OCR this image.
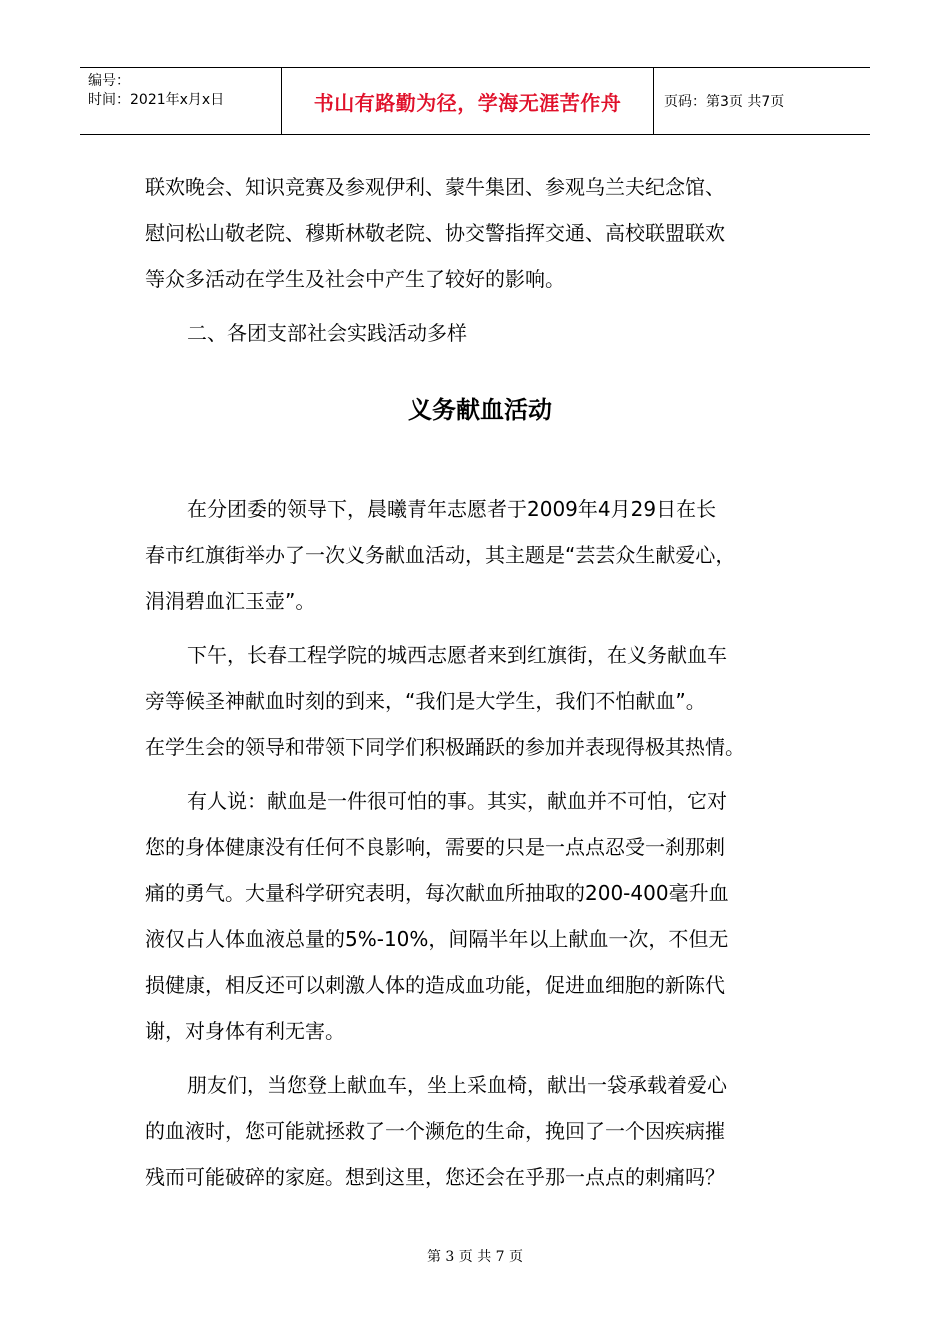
编号：
时间：2021年x月x日	书山有路勤为径，学海无涯苦作舟	页码：第3页 共7页
联欢晚会、知识竞赛及参观伊利、蒙牛集团、参观乌兰夫纪念馆、
慰问松山敬老院、穆斯林敬老院、协交警指挥交通、高校联盟联欢
等众多活动在学生及社会中产生了较好的影响。
二、各团支部社会实践活动多样
义务献血活动
在分团委的领导下，晨曦青年志愿者于2009年4月29日在长
春市红旗街举办了一次义务献血活动，其主题是“芸芸众生献爱心，
涓涓碧血汇玉壶”。
下午，长春工程学院的城西志愿者来到红旗街，在义务献血车
旁等候圣神献血时刻的到来，“我们是大学生，我们不怕献血”。
在学生会的领导和带领下同学们积极踊跃的参加并表现得极其热情。
有人说：献血是一件很可怕的事。其实，献血并不可怕，它对
您的身体健康没有任何不良影响，需要的只是一点点忍受一刹那刺
痛的勇气。大量科学研究表明，每次献血所抽取的200-400毫升血
液仅占人体血液总量的5%-10%，间隔半年以上献血一次，不但无
损健康，相反还可以刺激人体的造成血功能，促进血细胞的新陈代
谢，对身体有利无害。
朋友们，当您登上献血车，坐上采血椅，献出一袋承载着爱心
的血液时，您可能就拯救了一个濒危的生命，挽回了一个因疾病摧
残而可能破碎的家庭。想到这里，您还会在乎那一点点的刺痛吗？
第 3 页 共 7 页
